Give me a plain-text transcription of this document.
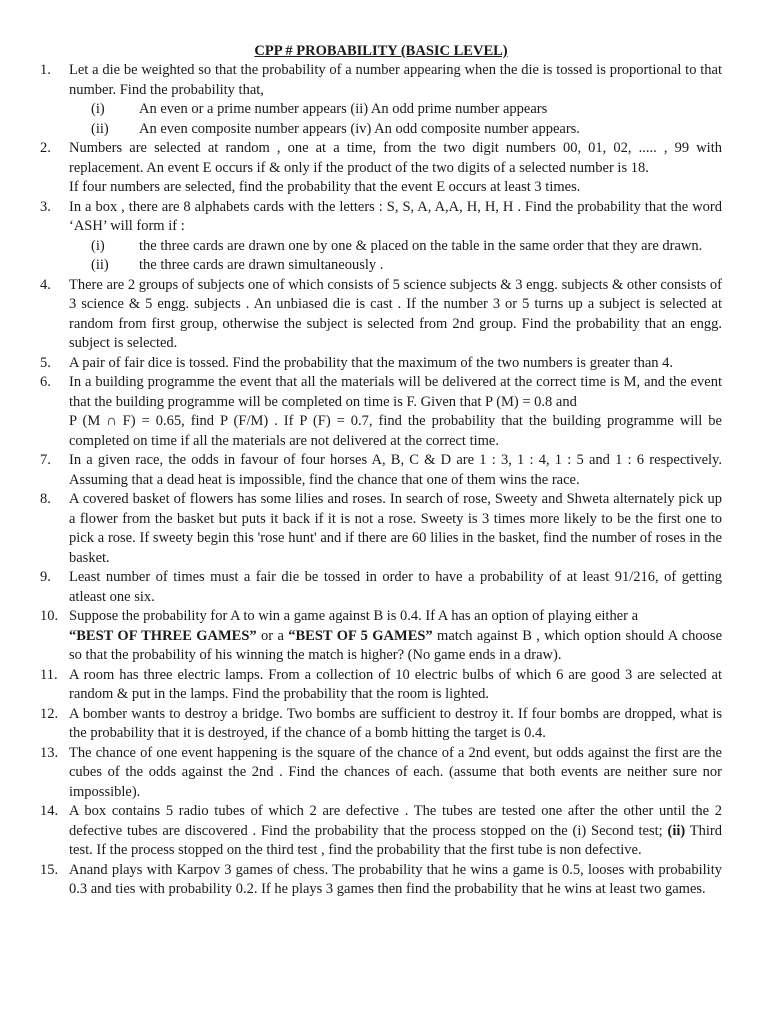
CPP # PROBABILITY (BASIC LEVEL)
1.	Let a die be weighted so that the probability of a number appearing when the die is tossed is proportional to that number. Find the probability that,

(i)	An even or a prime number appears (ii) An odd prime number appears
(ii)	An even composite number appears (iv) An odd composite number appears.
2.	Numbers are selected at random , one at a time, from the two digit numbers 00, 01, 02, ..... , 99 with replacement. An event E occurs if & only if the product of the two digits of a selected number is 18.

If four numbers are selected, find the probability that the event E occurs at least 3 times.

3.	In a box , there are 8 alphabets cards with the letters : S, S, A, A,A, H, H, H . Find the probability that the word ‘ASH’ will form if :

(i)	the three cards are drawn one by one & placed on the table in the same order that they are drawn.
(ii)	the three cards are drawn simultaneously .
4.	There are 2 groups of subjects one of which consists of 5 science subjects & 3 engg. subjects & other consists of 3 science & 5 engg. subjects . An unbiased die is cast . If the number 3 or 5 turns up a subject is selected at random from first group, otherwise the subject is selected from 2nd group. Find the probability that an engg. subject is selected.

5.	A pair of fair dice is tossed. Find the probability that the maximum of the two numbers is greater than 4.

6.	In a building programme the event that all the materials will be delivered at the correct time is M, and the event that the building programme will be completed on time is F. Given that P (M) = 0.8 and

P (M ∩ F) = 0.65, find P (F/M) . If P (F) = 0.7, find the probability that the building programme will be completed on time if all the materials are not delivered at the correct time.

7.	In a given race, the odds in favour of four horses A, B, C & D are 1 : 3, 1 : 4, 1 : 5 and 1 : 6 respectively. Assuming that a dead heat is impossible, find the chance that one of them wins the race.

8.	A covered basket of flowers has some lilies and roses. In search of rose, Sweety and Shweta alternately pick up a flower from the basket but puts it back if it is not a rose. Sweety is 3 times more likely to be the first one to pick a rose. If sweety begin this 'rose hunt' and if there are 60 lilies in the basket, find the number of roses in the basket.

9.	Least number of times must a fair die be tossed in order to have a probability of at least 91/216, of getting atleast one six.

10. Suppose the probability for A to win a game against B is 0.4. If A has an option of playing either a
“BEST OF THREE GAMES” or a “BEST OF 5 GAMES” match against B , which option should A choose so that the probability of his winning the match is higher? (No game ends in a draw).

11. A room has three electric lamps. From a collection of 10 electric bulbs of which 6 are good 3 are selected at random & put in the lamps. Find the probability that the room is lighted.

12. A bomber wants to destroy a bridge. Two bombs are sufficient to destroy it. If four bombs are dropped, what is the probability that it is destroyed, if the chance of a bomb hitting the target is 0.4.

13. The chance of one event happening is the square of the chance of a 2nd event, but odds against the first are the cubes of the odds against the 2nd . Find the chances of each. (assume that both events are neither sure nor impossible).

14. A box contains 5 radio tubes of which 2 are defective . The tubes are tested one after the other until the 2 defective tubes are discovered . Find the probability that the process stopped on the (i) Second test; (ii) Third test. If the process stopped on the third test , find the probability that the first tube is non defective.

15. Anand plays with Karpov 3 games of chess. The probability that he wins a game is 0.5, looses with probability 0.3 and ties with probability 0.2. If he plays 3 games then find the probability that he wins at least two games.
